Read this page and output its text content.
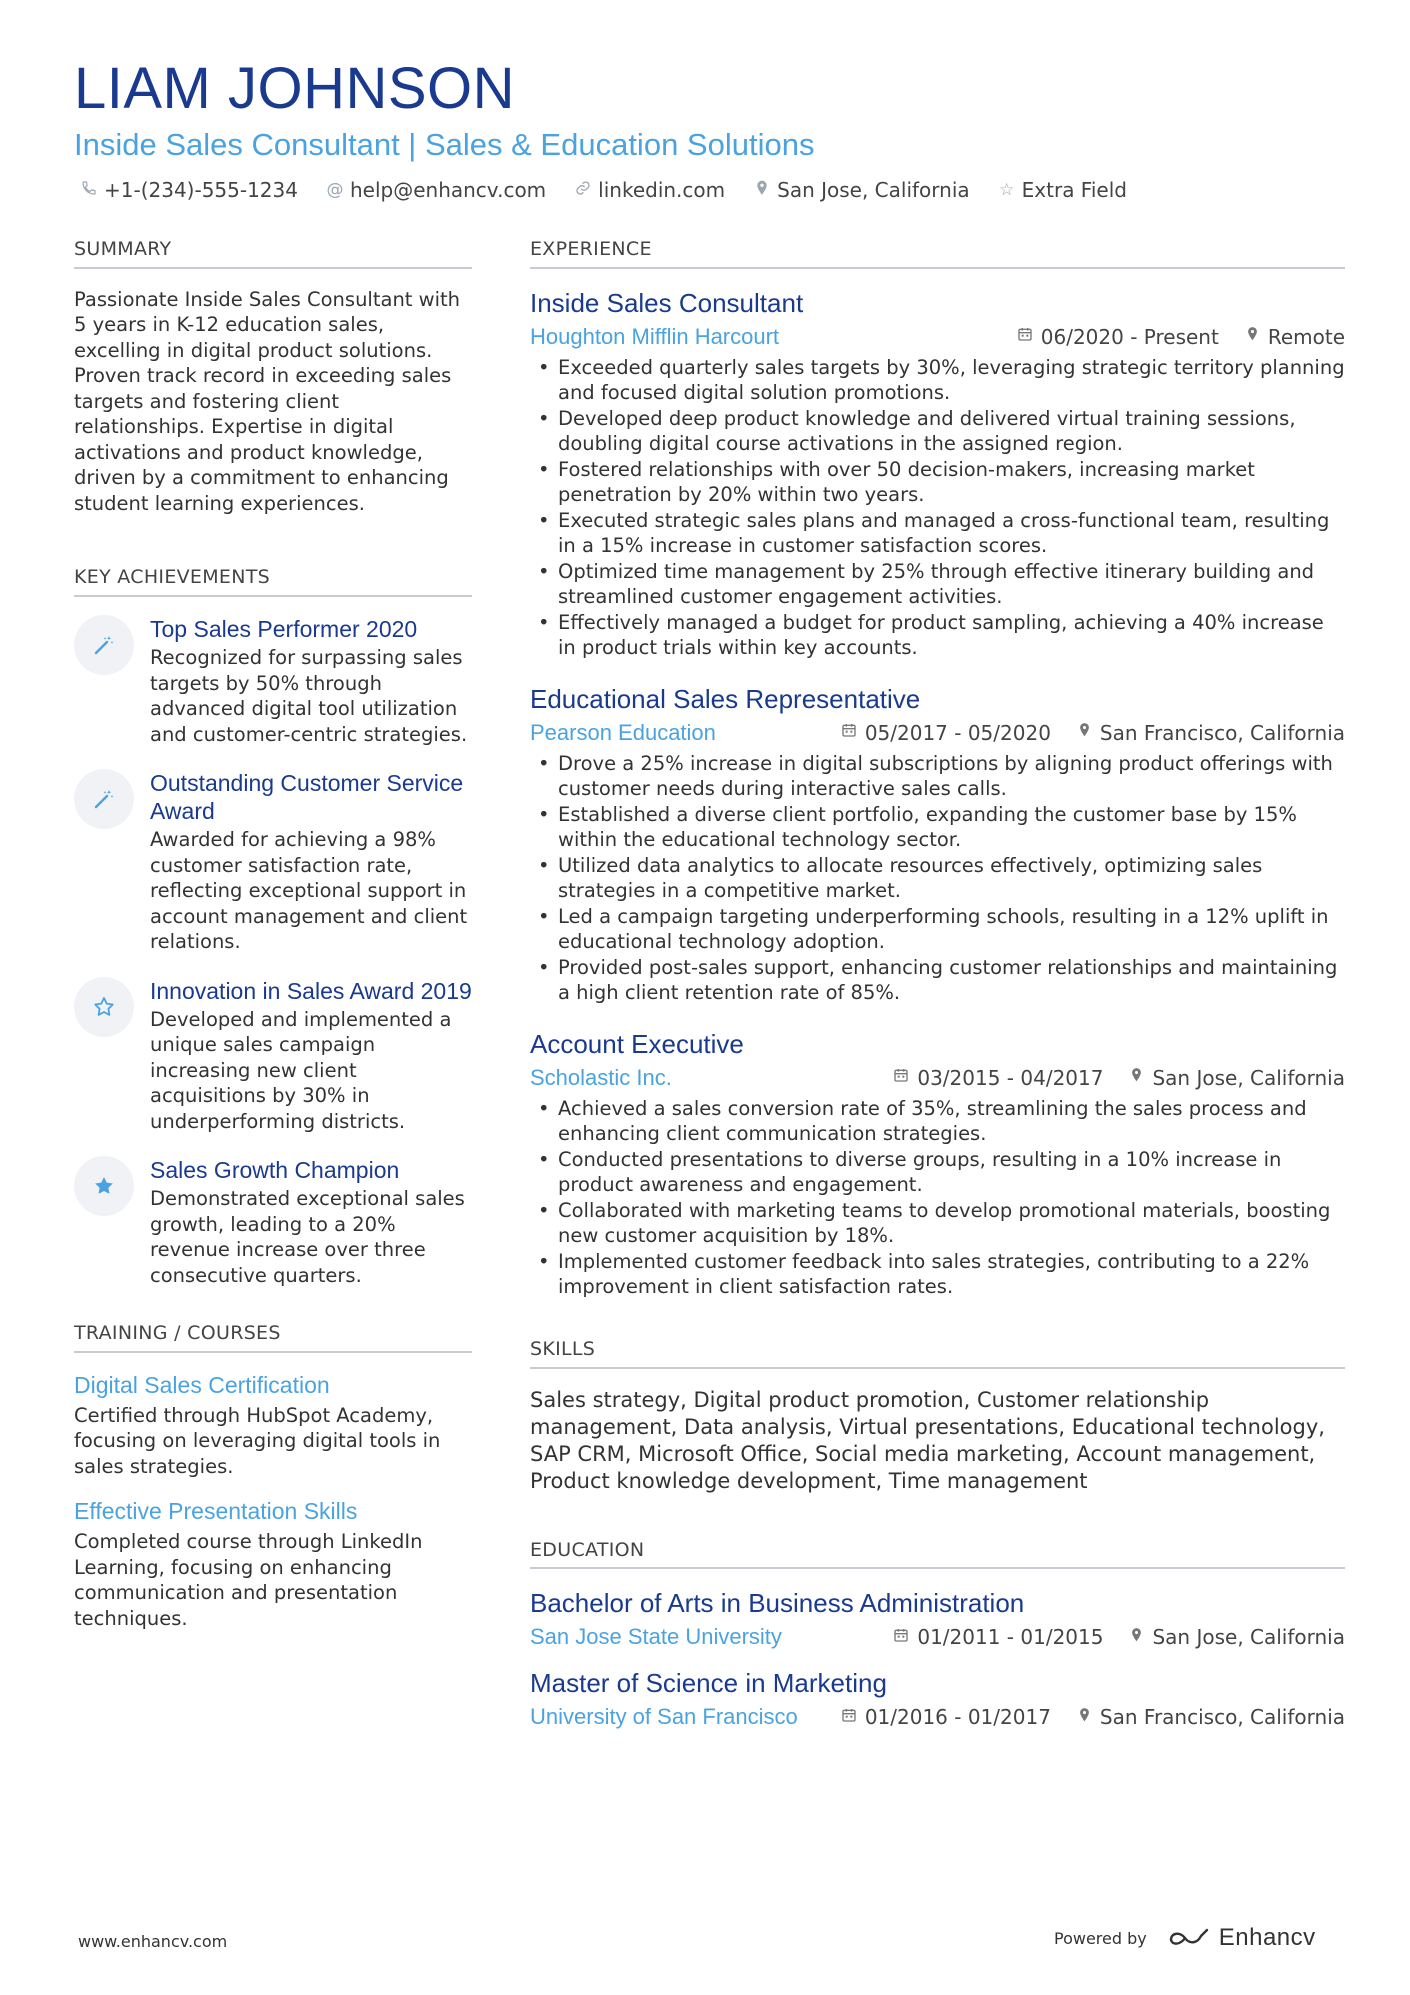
LIAM JOHNSON
Inside Sales Consultant | Sales & Education Solutions
+1-(234)-555-1234 @ help@enhancv.com	linkedin.com	San Jose, California ☆ Extra Field
SUMMARY

Passionate Inside Sales Consultant with 5 years in K-12 education sales, excelling in digital product solutions. Proven track record in exceeding sales targets and fostering client relationships. Expertise in digital activations and product knowledge, driven by a commitment to enhancing student learning experiences.

KEY ACHIEVEMENTS
Top Sales Performer 2020

Recognized for surpassing sales targets by 50% through advanced digital tool utilization and customer-centric strategies.

Outstanding Customer Service Award

Awarded for achieving a 98% customer satisfaction rate, reflecting exceptional support in account management and client relations.

Innovation in Sales Award 2019

Developed and implemented a unique sales campaign increasing new client acquisitions by 30% in underperforming districts.

Sales Growth Champion

Demonstrated exceptional sales growth, leading to a 20% revenue increase over three consecutive quarters.

TRAINING / COURSES
Digital Sales Certification

Certified through HubSpot Academy, focusing on leveraging digital tools in sales strategies.

Effective Presentation Skills

Completed course through LinkedIn Learning, focusing on enhancing communication and presentation techniques.

EXPERIENCE
Inside Sales Consultant
Houghton Mifflin Harcourt	06/2020 - Present Remote
• Exceeded quarterly sales targets by 30%, leveraging strategic territory planning and focused digital solution promotions.
• Developed deep product knowledge and delivered virtual training sessions, doubling digital course activations in the assigned region.
• Fostered relationships with over 50 decision-makers, increasing market penetration by 20% within two years.
• Executed strategic sales plans and managed a cross-functional team, resulting in a 15% increase in customer satisfaction scores.
• Optimized time management by 25% through effective itinerary building and streamlined customer engagement activities.
• Effectively managed a budget for product sampling, achieving a 40% increase in product trials within key accounts.
Educational Sales Representative
Pearson Education	05/2017 - 05/2020 San Francisco, California
• Drove a 25% increase in digital subscriptions by aligning product offerings with customer needs during interactive sales calls.
• Established a diverse client portfolio, expanding the customer base by 15% within the educational technology sector.
• Utilized data analytics to allocate resources effectively, optimizing sales strategies in a competitive market.
• Led a campaign targeting underperforming schools, resulting in a 12% uplift in educational technology adoption.
• Provided post-sales support, enhancing customer relationships and maintaining a high client retention rate of 85%.
Account Executive
Scholastic Inc.	03/2015 - 04/2017 San Jose, California
• Achieved a sales conversion rate of 35%, streamlining the sales process and enhancing client communication strategies.
• Conducted presentations to diverse groups, resulting in a 10% increase in product awareness and engagement.
• Collaborated with marketing teams to develop promotional materials, boosting new customer acquisition by 18%.
• Implemented customer feedback into sales strategies, contributing to a 22% improvement in client satisfaction rates.
SKILLS

Sales strategy, Digital product promotion, Customer relationship management, Data analysis, Virtual presentations, Educational technology, SAP CRM, Microsoft Office, Social media marketing, Account management, Product knowledge development, Time management

EDUCATION
Bachelor of Arts in Business Administration
San Jose State University	01/2011 - 01/2015 San Jose, California
Master of Science in Marketing
University of San Francisco	01/2016 - 01/2017 San Francisco, California
www.enhancv.com	Powered by	Enhancv
